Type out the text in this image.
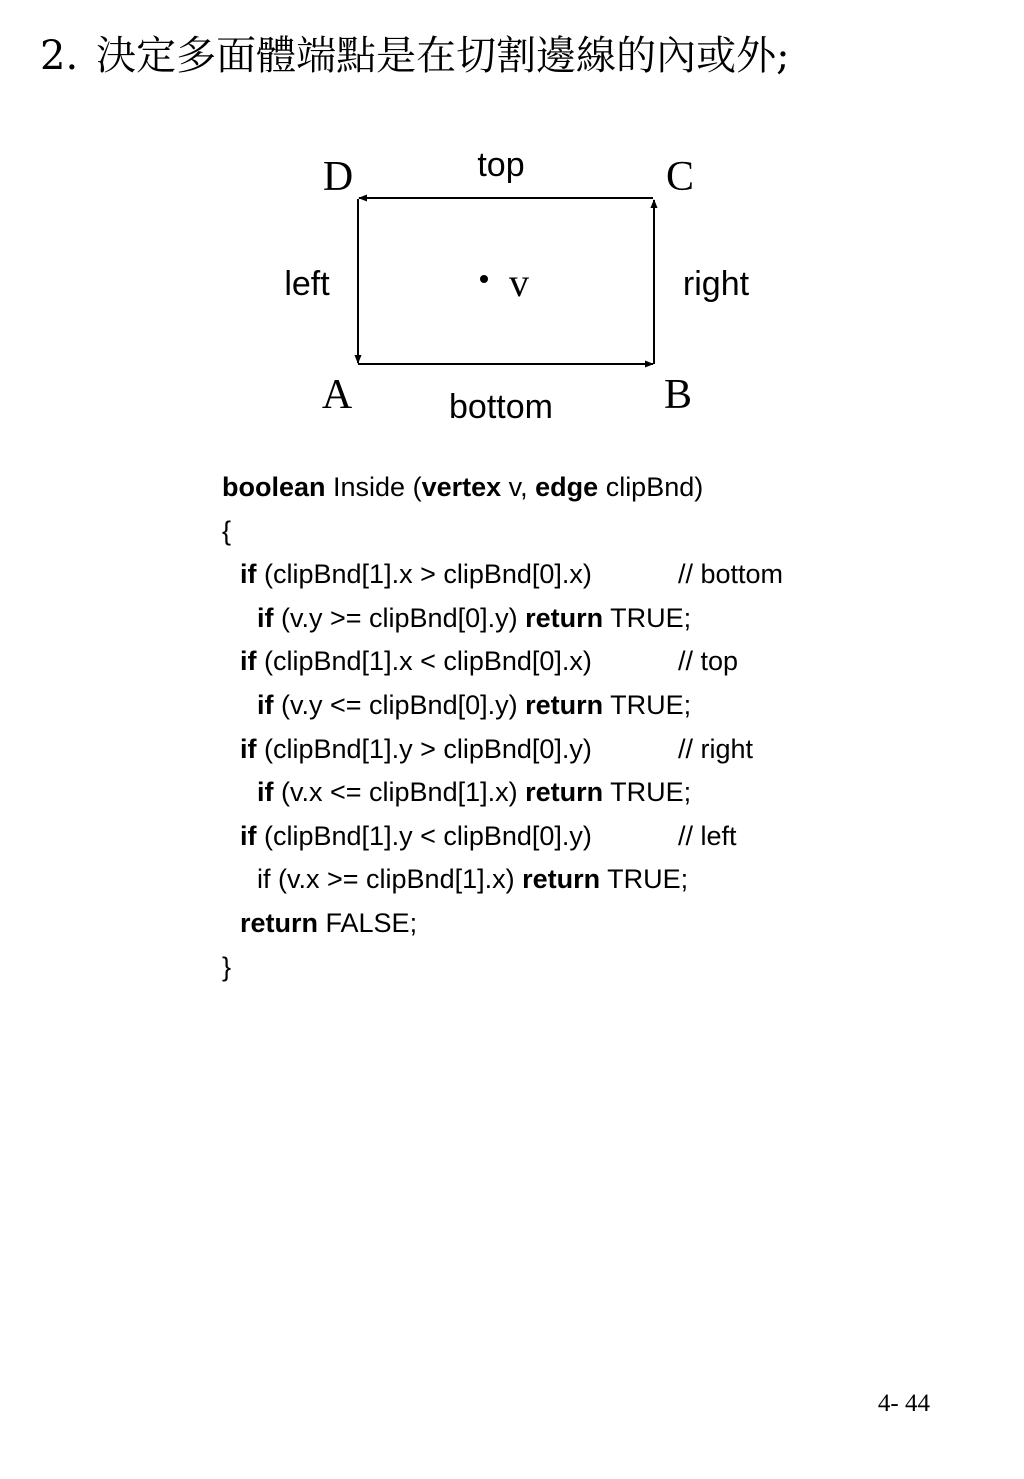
2. 決定多面體端點是在切割邊線的內或外;
top
left	right
bottom
D	C
A	B
v
boolean Inside ( vertex v, edge clipBnd)
{
if (clipBnd[1].x > clipBnd[0].x)	// bottom
if (v.y >= clipBnd[0].y) return TRUE;
if (clipBnd[1].x < clipBnd[0].x)	// top
if (v.y <= clipBnd[0].y) return TRUE;
if (clipBnd[1].y > clipBnd[0].y)	// right
if (v.x <= clipBnd[1].x) return TRUE;
if (clipBnd[1].y < clipBnd[0].y)	// left
if (v.x >= clipBnd[1].x) return TRUE;
return FALSE;
}
4- 44
